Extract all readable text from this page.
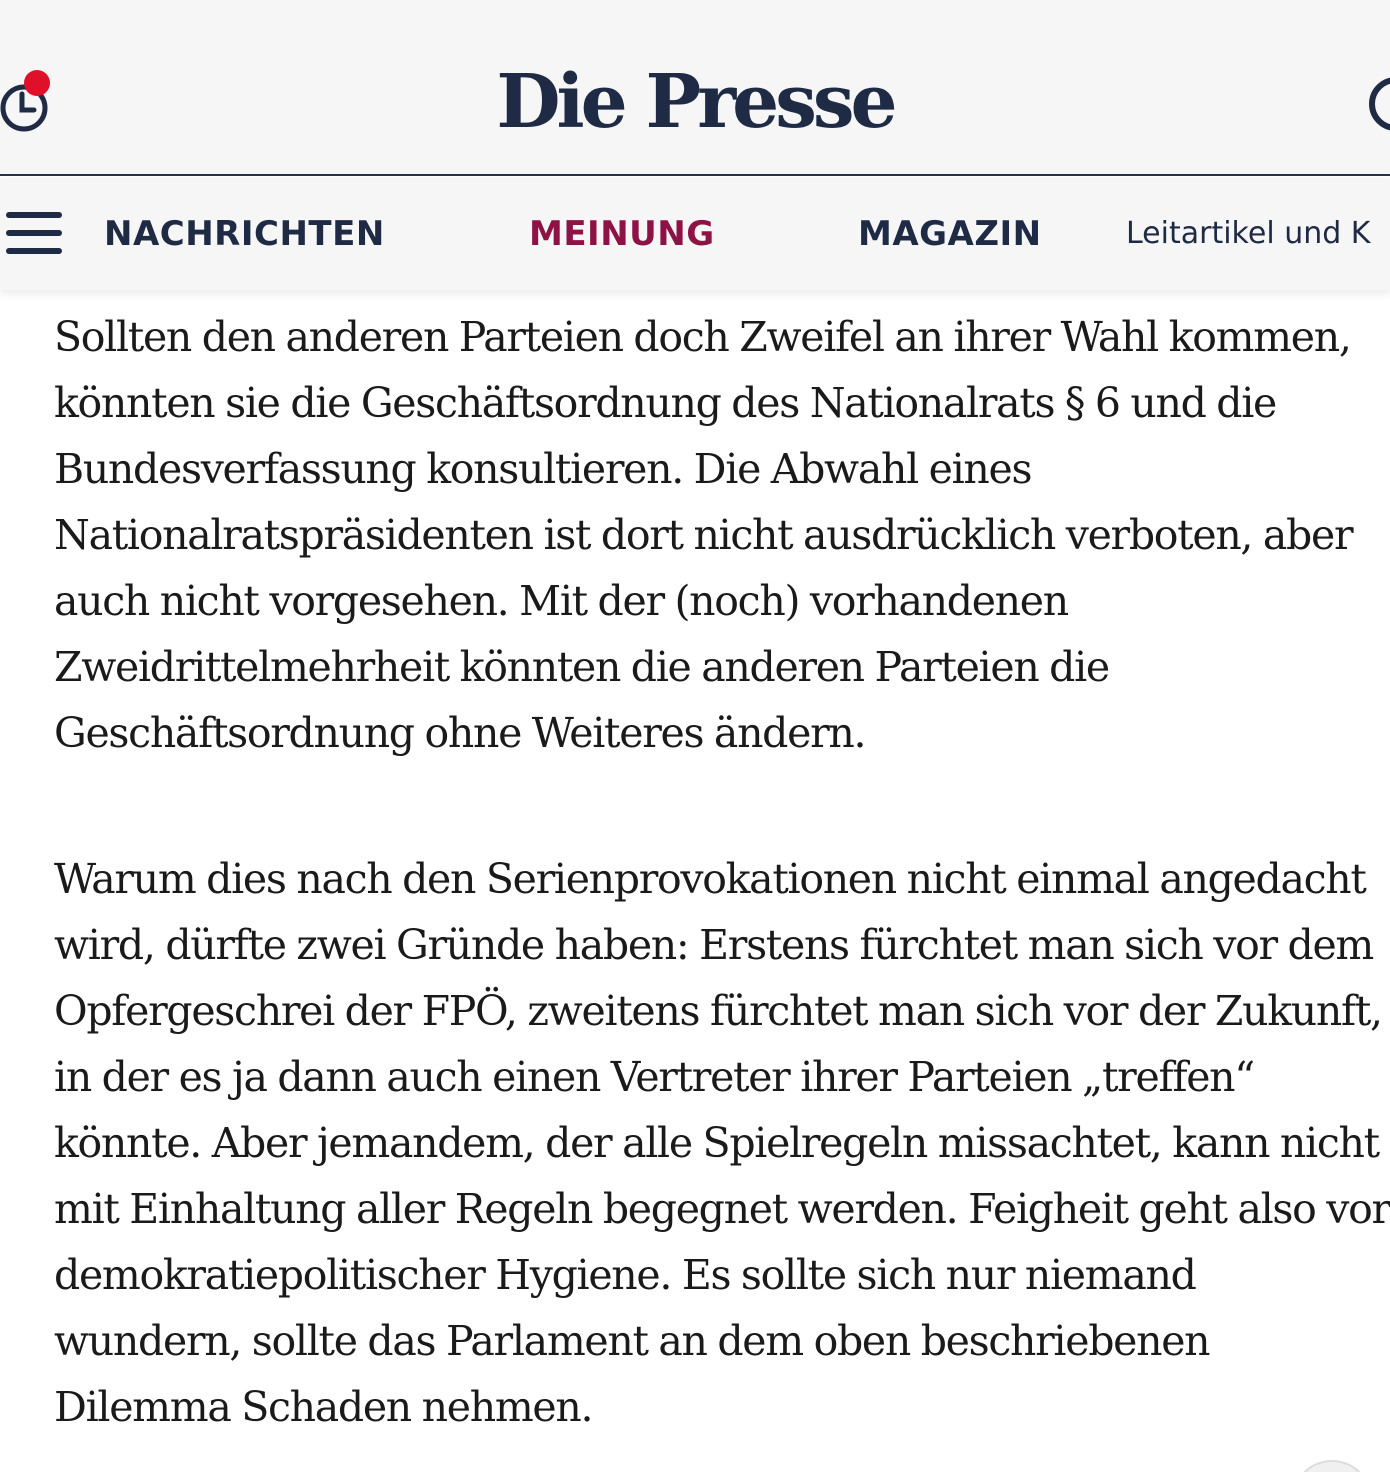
Die Presse
NACHRICHTEN	MEINUNG	MAGAZIN	Leitartikel und K

Sollten den anderen Parteien doch Zweifel an ihrer Wahl kommen, könnten sie die Geschäftsordnung des Nationalrats § 6 und die Bundesverfassung konsultieren. Die Abwahl eines Nationalratspräsidenten ist dort nicht ausdrücklich verboten, aber auch nicht vorgesehen. Mit der (noch) vorhandenen Zweidrittelmehrheit könnten die anderen Parteien die Geschäftsordnung ohne Weiteres ändern.

Warum dies nach den Serienprovokationen nicht einmal angedacht wird, dürfte zwei Gründe haben: Erstens fürchtet man sich vor dem Opfergeschrei der FPÖ, zweitens fürchtet man sich vor der Zukunft, in der es ja dann auch einen Vertreter ihrer Parteien „treffen“ könnte. Aber jemandem, der alle Spielregeln missachtet, kann nicht mit Einhaltung aller Regeln begegnet werden. Feigheit geht also vor demokratiepolitischer Hygiene. Es sollte sich nur niemand wundern, sollte das Parlament an dem oben beschriebenen Dilemma Schaden nehmen.
